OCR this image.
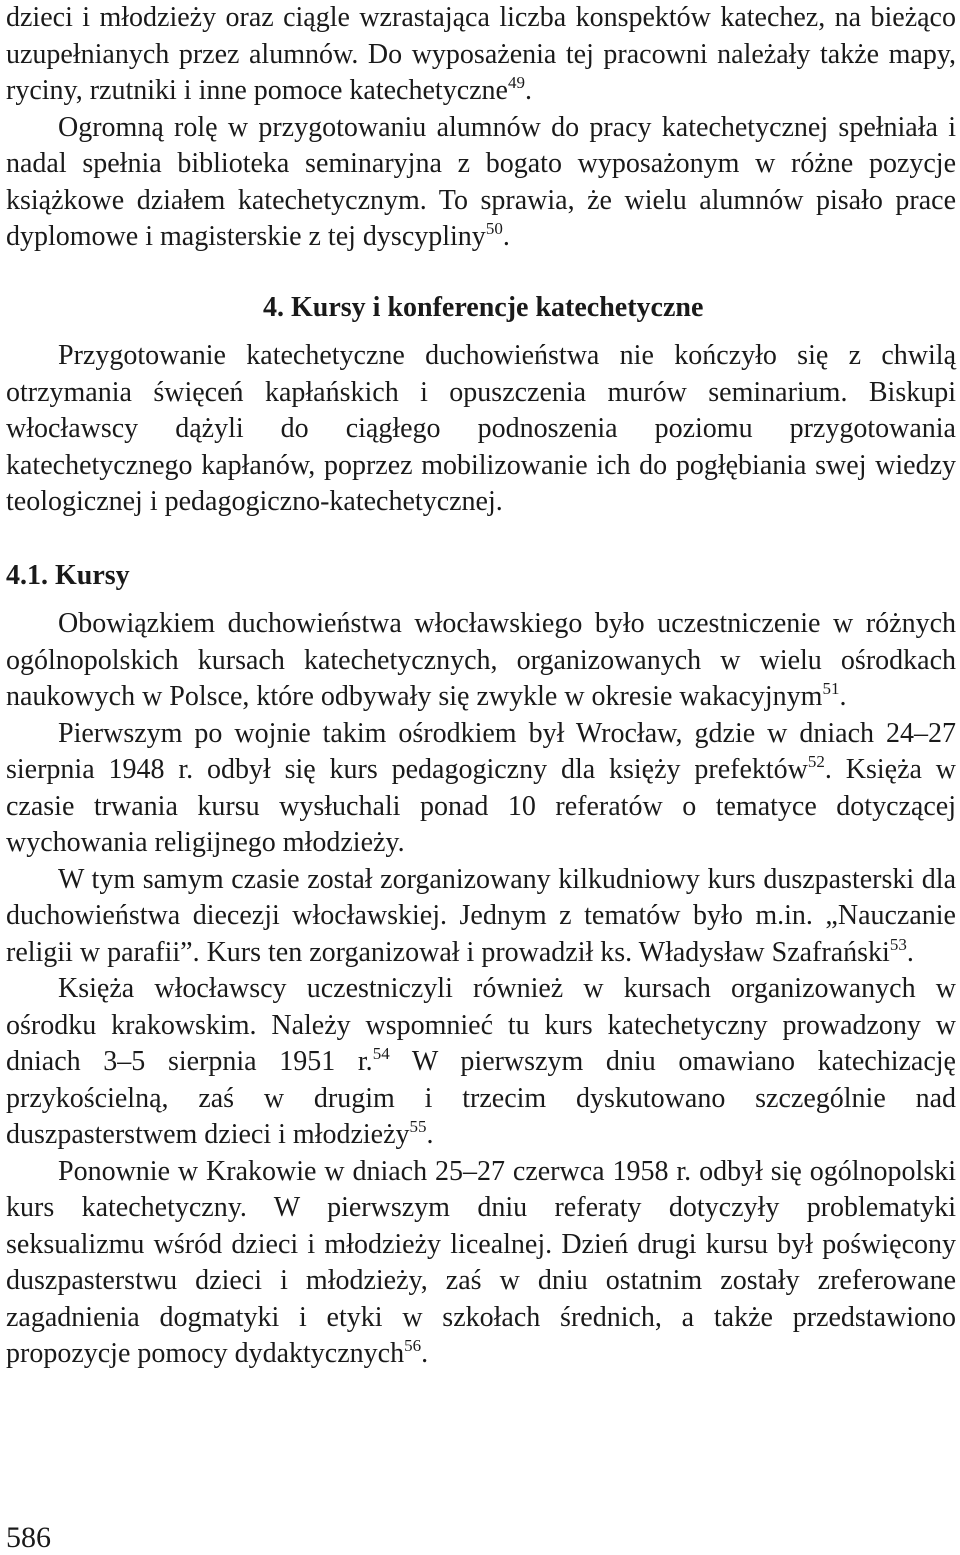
dzieci i młodzieży oraz ciągle wzrastająca liczba konspektów katechez, na bieżąco uzupełnianych przez alumnów. Do wyposażenia tej pracowni należały także mapy, ryciny, rzutniki i inne pomoce katechetyczne$^{49}$.

Ogromną rolę w przygotowaniu alumnów do pracy katechetycznej spełniała i nadal spełnia biblioteka seminaryjna z bogato wyposażonym w różne pozycje książkowe działem katechetycznym. To sprawia, że wielu alumnów pisało prace dyplomowe i magisterskie z tej dyscypliny$^{50}$.

4. Kursy i konferencje katechetyczne

Przygotowanie katechetyczne duchowieństwa nie kończyło się z chwilą otrzymania święceń kapłańskich i opuszczenia murów seminarium. Biskupi włocławscy dążyli do ciągłego podnoszenia poziomu przygotowania katechetycznego kapłanów, poprzez mobilizowanie ich do pogłębiania swej wiedzy teologicznej i pedagogiczno-katechetycznej.

4.1. Kursy

Obowiązkiem duchowieństwa włocławskiego było uczestniczenie w różnych ogólnopolskich kursach katechetycznych, organizowanych w wielu ośrodkach naukowych w Polsce, które odbywały się zwykle w okresie wakacyjnym$^{51}$.

Pierwszym po wojnie takim ośrodkiem był Wrocław, gdzie w dniach 24–27 sierpnia 1948 r. odbył się kurs pedagogiczny dla księży prefektów$^{52}$. Księża w czasie trwania kursu wysłuchali ponad 10 referatów o tematyce dotyczącej wychowania religijnego młodzieży.

W tym samym czasie został zorganizowany kilkudniowy kurs duszpasterski dla duchowieństwa diecezji włocławskiej. Jednym z tematów było m.in. „Nauczanie religii w parafii”. Kurs ten zorganizował i prowadził ks. Władysław Szafrański$^{53}$.

Księża włocławscy uczestniczyli również w kursach organizowanych w ośrodku krakowskim. Należy wspomnieć tu kurs katechetyczny prowadzony w dniach 3–5 sierpnia 1951 r.$^{54}$ W pierwszym dniu omawiano katechizację przykościelną, zaś w drugim i trzecim dyskutowano szczególnie nad duszpasterstwem dzieci i młodzieży$^{55}$.

Ponownie w Krakowie w dniach 25–27 czerwca 1958 r. odbył się ogólnopolski kurs katechetyczny. W pierwszym dniu referaty dotyczyły problematyki seksualizmu wśród dzieci i młodzieży licealnej. Dzień drugi kursu był poświęcony duszpasterstwu dzieci i młodzieży, zaś w dniu ostatnim zostały zreferowane zagadnienia dogmatyki i etyki w szkołach średnich, a także przedstawiono propozycje pomocy dydaktycznych$^{56}$.

586
